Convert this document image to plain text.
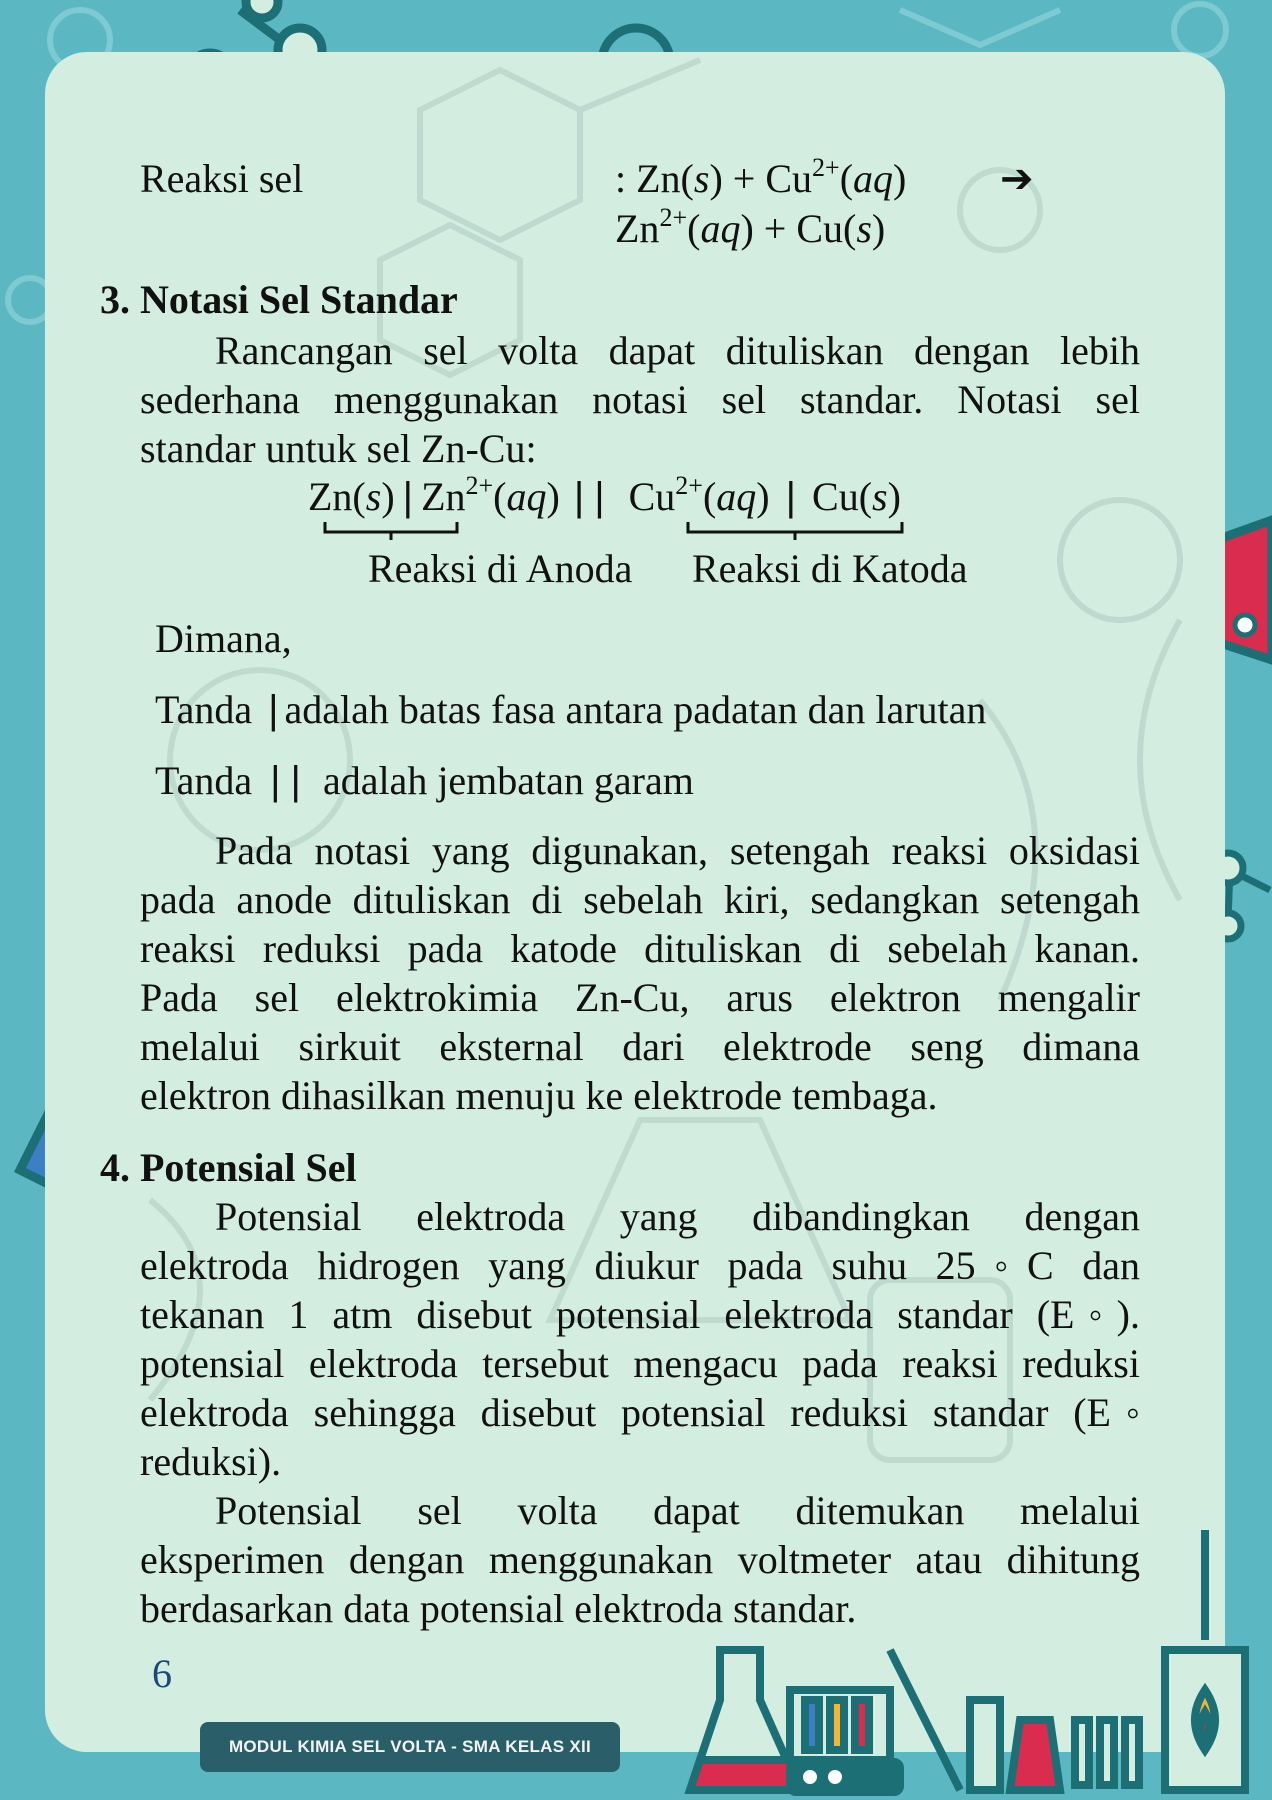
Reaksi sel	: $Zn(s) + Cu^{2+}(aq)$ ➔
$Zn^{2+}(aq) + Cu(s)$
3. Notasi Sel Standar
Rancangan sel volta dapat dituliskan dengan lebih
sederhana menggunakan notasi sel standar. Notasi sel
standar untuk sel Zn-Cu:
Zn(s) | $Zn^{2+}(aq)$ || $Cu^{2+}(aq)$ | Cu(s)
Reaksi di Anoda Reaksi di Katoda
Dimana,
Tanda | adalah batas fasa antara padatan dan larutan
Tanda || adalah jembatan garam
Pada notasi yang digunakan, setengah reaksi oksidasi
pada anode dituliskan di sebelah kiri, sedangkan setengah
reaksi reduksi pada katode dituliskan di sebelah kanan.
Pada sel elektrokimia Zn-Cu, arus elektron mengalir
melalui sirkuit eksternal dari elektrode seng dimana
elektron dihasilkan menuju ke elektrode tembaga.
4. Potensial Sel
Potensial elektroda yang dibandingkan dengan
elektroda hidrogen yang diukur pada suhu 25◦C dan
tekanan 1 atm disebut potensial elektroda standar (E◦).
potensial elektroda tersebut mengacu pada reaksi reduksi
elektroda sehingga disebut potensial reduksi standar (E◦
reduksi).
Potensial sel volta dapat ditemukan melalui
eksperimen dengan menggunakan voltmeter atau dihitung
berdasarkan data potensial elektroda standar.
6
MODUL KIMIA SEL VOLTA - SMA KELAS XII
